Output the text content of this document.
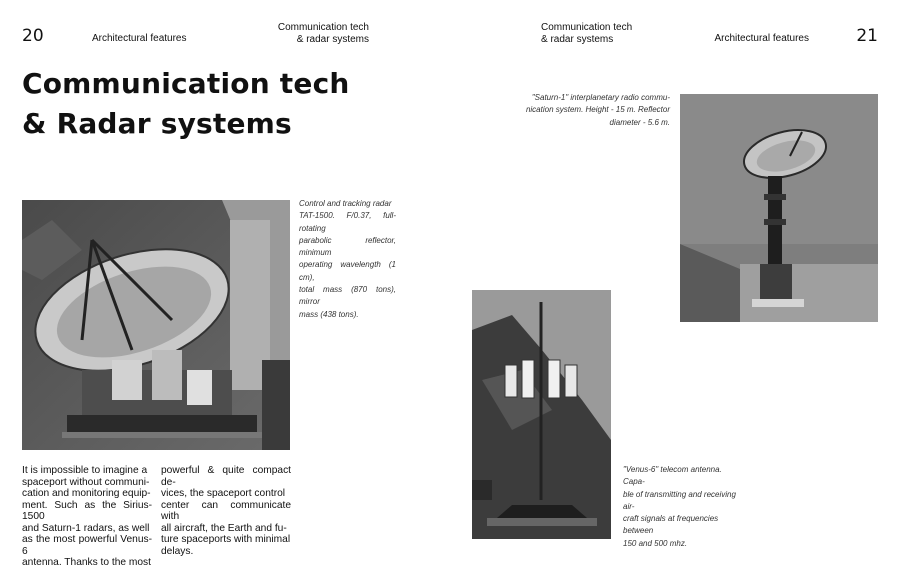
20	Architectural features
Communication tech
& radar systems
Communication tech
& Radar systems
Control and tracking radar
TAT-1500. F/0.37, full-rotating
parabolic reflector, minimum
operating wavelength (1 cm),
total mass (870 tons), mirror
mass (438 tons).
It is impossible to imagine a
spaceport without communi-
cation and monitoring equip-
ment. Such as the Sirius-1500
and Saturn-1 radars, as well
as the most powerful Venus-6
antenna. Thanks to the most
powerful & quite compact de-
vices, the spaceport control
center can communicate with
all aircraft, the Earth and fu-
ture spaceports with minimal
delays.
Communication tech
& radar systems	Architectural features	21
"Saturn-1" interplanetary radio commu-
nication system. Height - 15 m. Reflector
diameter - 5.6 m.
"Venus-6" telecom antenna. Capa-
ble of transmitting and receiving air-
craft signals at frequencies between
150 and 500 mhz.
